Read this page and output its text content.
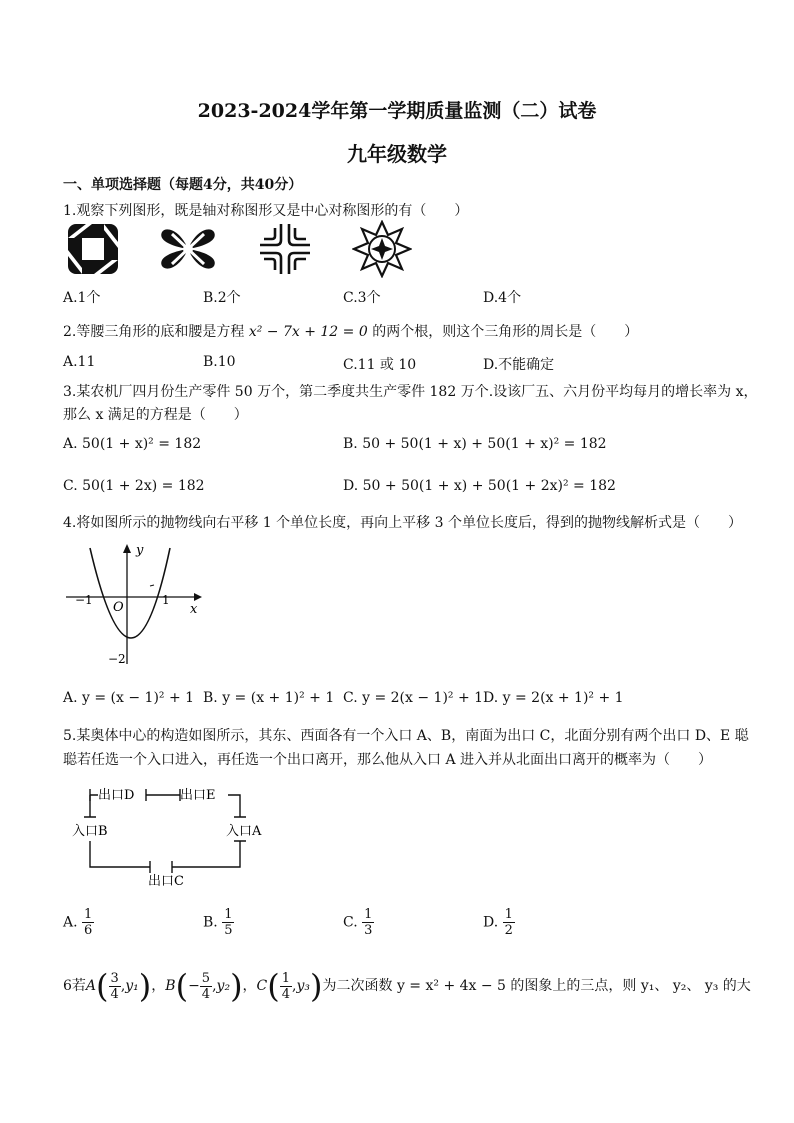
2023-2024学年第一学期质量监测（二）试卷
九年级数学
一、单项选择题（每题4分，共40分）
1.观察下列图形，既是轴对称图形又是中心对称图形的有（　　）
A.1个	B.2个	C.3个	D.4个
2.等腰三角形的底和腰是方程 x² − 7x + 12 = 0 的两个根，则这个三角形的周长是（　　）
A.11	B.10	C.11 或 10	D.不能确定
3.某农机厂四月份生产零件 50 万个，第二季度共生产零件 182 万个.设该厂五、六月份平均每月的增长率为 x，
那么 x 满足的方程是（　　）
A. 50(1 + x)² = 182	B. 50 + 50(1 + x) + 50(1 + x)² = 182
C. 50(1 + 2x) = 182	D. 50 + 50(1 + x) + 50(1 + 2x)² = 182
4.将如图所示的抛物线向右平移 1 个单位长度，再向上平移 3 个单位长度后，得到的抛物线解析式是（　　）
y
x
O
−1	1
−2
A. y = (x − 1)² + 1 B. y = (x + 1)² + 1 C. y = 2(x − 1)² + 1 D. y = 2(x + 1)² + 1
5.某奥体中心的构造如图所示，其东、西面各有一个入口 A、B，南面为出口 C，北面分别有两个出口 D、E 聪
聪若任选一个入口进入，再任选一个出口离开，那么他从入口 A 进入并从北面出口离开的概率为（　　）
出口D	出口E
入口B	入口A
出口C
A. $\frac{1}{6}$	B. $\frac{1}{5}$	C. $\frac{1}{3}$	D. $\frac{1}{2}$
6若$A( \frac{3}{4} ,y_1)$，$B(- \frac{5}{4} ,y_2)$，$C( \frac{1}{4} ,y_3)$为二次函数 y = x² + 4x − 5 的图象上的三点，则 y₁、 y₂、 y₃ 的大
